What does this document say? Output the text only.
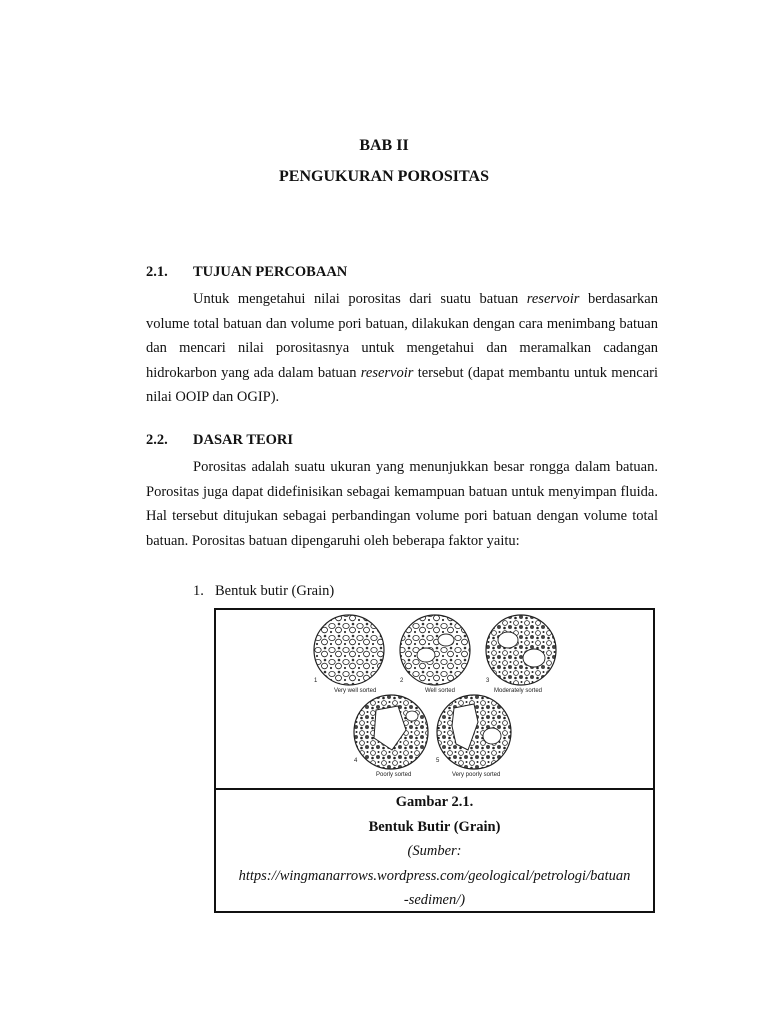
BAB II
PENGUKURAN POROSITAS
2.1. TUJUAN PERCOBAAN

Untuk mengetahui nilai porositas dari suatu batuan reservoir berdasarkan volume total batuan dan volume pori batuan, dilakukan dengan cara menimbang batuan dan mencari nilai porositasnya untuk mengetahui dan meramalkan cadangan hidrokarbon yang ada dalam batuan reservoir tersebut (dapat membantu untuk mencari nilai OOIP dan OGIP).

2.2. DASAR TEORI

Porositas adalah suatu ukuran yang menunjukkan besar rongga dalam batuan. Porositas juga dapat didefinisikan sebagai kemampuan batuan untuk menyimpan fluida. Hal tersebut ditujukan sebagai perbandingan volume pori batuan dengan volume total batuan. Porositas batuan dipengaruhi oleh beberapa faktor yaitu:

1. Bentuk butir (Grain)
Very well sorted
1
Well sorted
2
Moderately sorted
3
Poorly sorted
4
Very poorly sorted
5
Gambar 2.1.
Bentuk Butir (Grain)
(Sumber:
https://wingmanarrows.wordpress.com/geological/petrologi/batuan
-sedimen/)
